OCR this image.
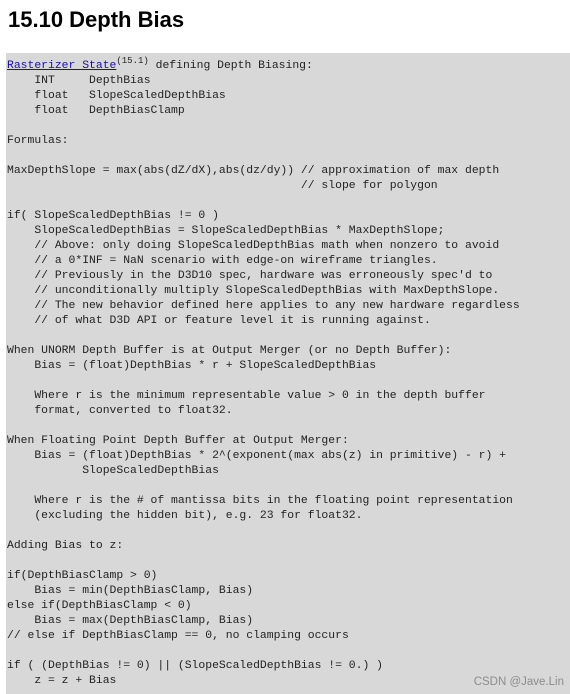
15.10 Depth Bias
Rasterizer State$^{(15.1)}$ defining Depth Biasing:
INT     DepthBias
float   SlopeScaledDepthBias
float   DepthBiasClamp
Formulas:
MaxDepthSlope = max(abs(dZ/dX),abs(dz/dy)) // approximation of max depth
// slope for polygon
if( SlopeScaledDepthBias != 0 )
SlopeScaledDepthBias = SlopeScaledDepthBias * MaxDepthSlope;
// Above: only doing SlopeScaledDepthBias math when nonzero to avoid
// a 0*INF = NaN scenario with edge-on wireframe triangles.
// Previously in the D3D10 spec, hardware was erroneously spec'd to
// unconditionally multiply SlopeScaledDepthBias with MaxDepthSlope.
// The new behavior defined here applies to any new hardware regardless
// of what D3D API or feature level it is running against.
When UNORM Depth Buffer is at Output Merger (or no Depth Buffer):
Bias = (float)DepthBias * r + SlopeScaledDepthBias
Where r is the minimum representable value > 0 in the depth buffer
format, converted to float32.
When Floating Point Depth Buffer at Output Merger:
Bias = (float)DepthBias * 2^(exponent(max abs(z) in primitive) - r) +
SlopeScaledDepthBias
Where r is the # of mantissa bits in the floating point representation
(excluding the hidden bit), e.g. 23 for float32.
Adding Bias to z:
if(DepthBiasClamp > 0)
Bias = min(DepthBiasClamp, Bias)
else if(DepthBiasClamp < 0)
Bias = max(DepthBiasClamp, Bias)
// else if DepthBiasClamp == 0, no clamping occurs
if ( (DepthBias != 0) || (SlopeScaledDepthBias != 0.) )
z = z + Bias	CSDN @Jave.Lin
